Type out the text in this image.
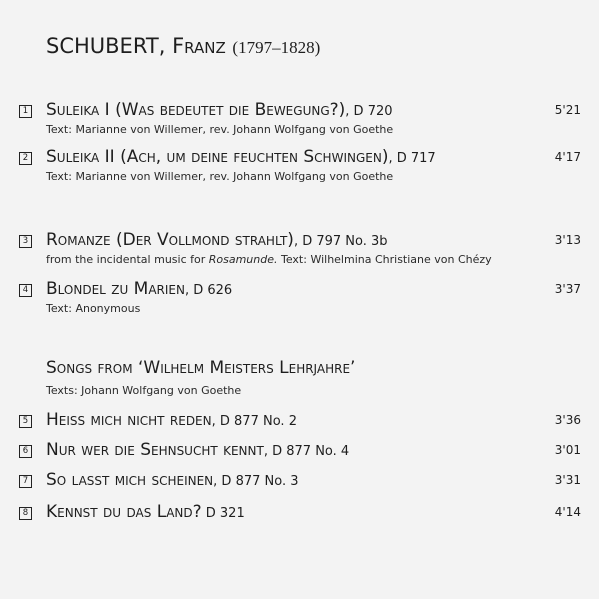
SCHUBERT, Franz (1797–1828)
1 Suleika I (Was bedeutet die Bewegung?), D 720	5'21
Text: Marianne von Willemer, rev. Johann Wolfgang von Goethe
2 Suleika II (Ach, um deine feuchten Schwingen), D 717	4'17
Text: Marianne von Willemer, rev. Johann Wolfgang von Goethe
3 Romanze (Der Vollmond strahlt), D 797 No. 3b	3'13
from the incidental music for Rosamunde. Text: Wilhelmina Christiane von Chézy
4 Blondel zu Marien, D 626	3'37
Text: Anonymous
Songs from ‘Wilhelm Meisters Lehrjahre’
Texts: Johann Wolfgang von Goethe
5 Heiß mich nicht reden, D 877 No. 2	3'36
6 Nur wer die Sehnsucht kennt, D 877 No. 4	3'01
7 So lasst mich scheinen, D 877 No. 3	3'31
8 Kennst du das Land? D 321	4'14
